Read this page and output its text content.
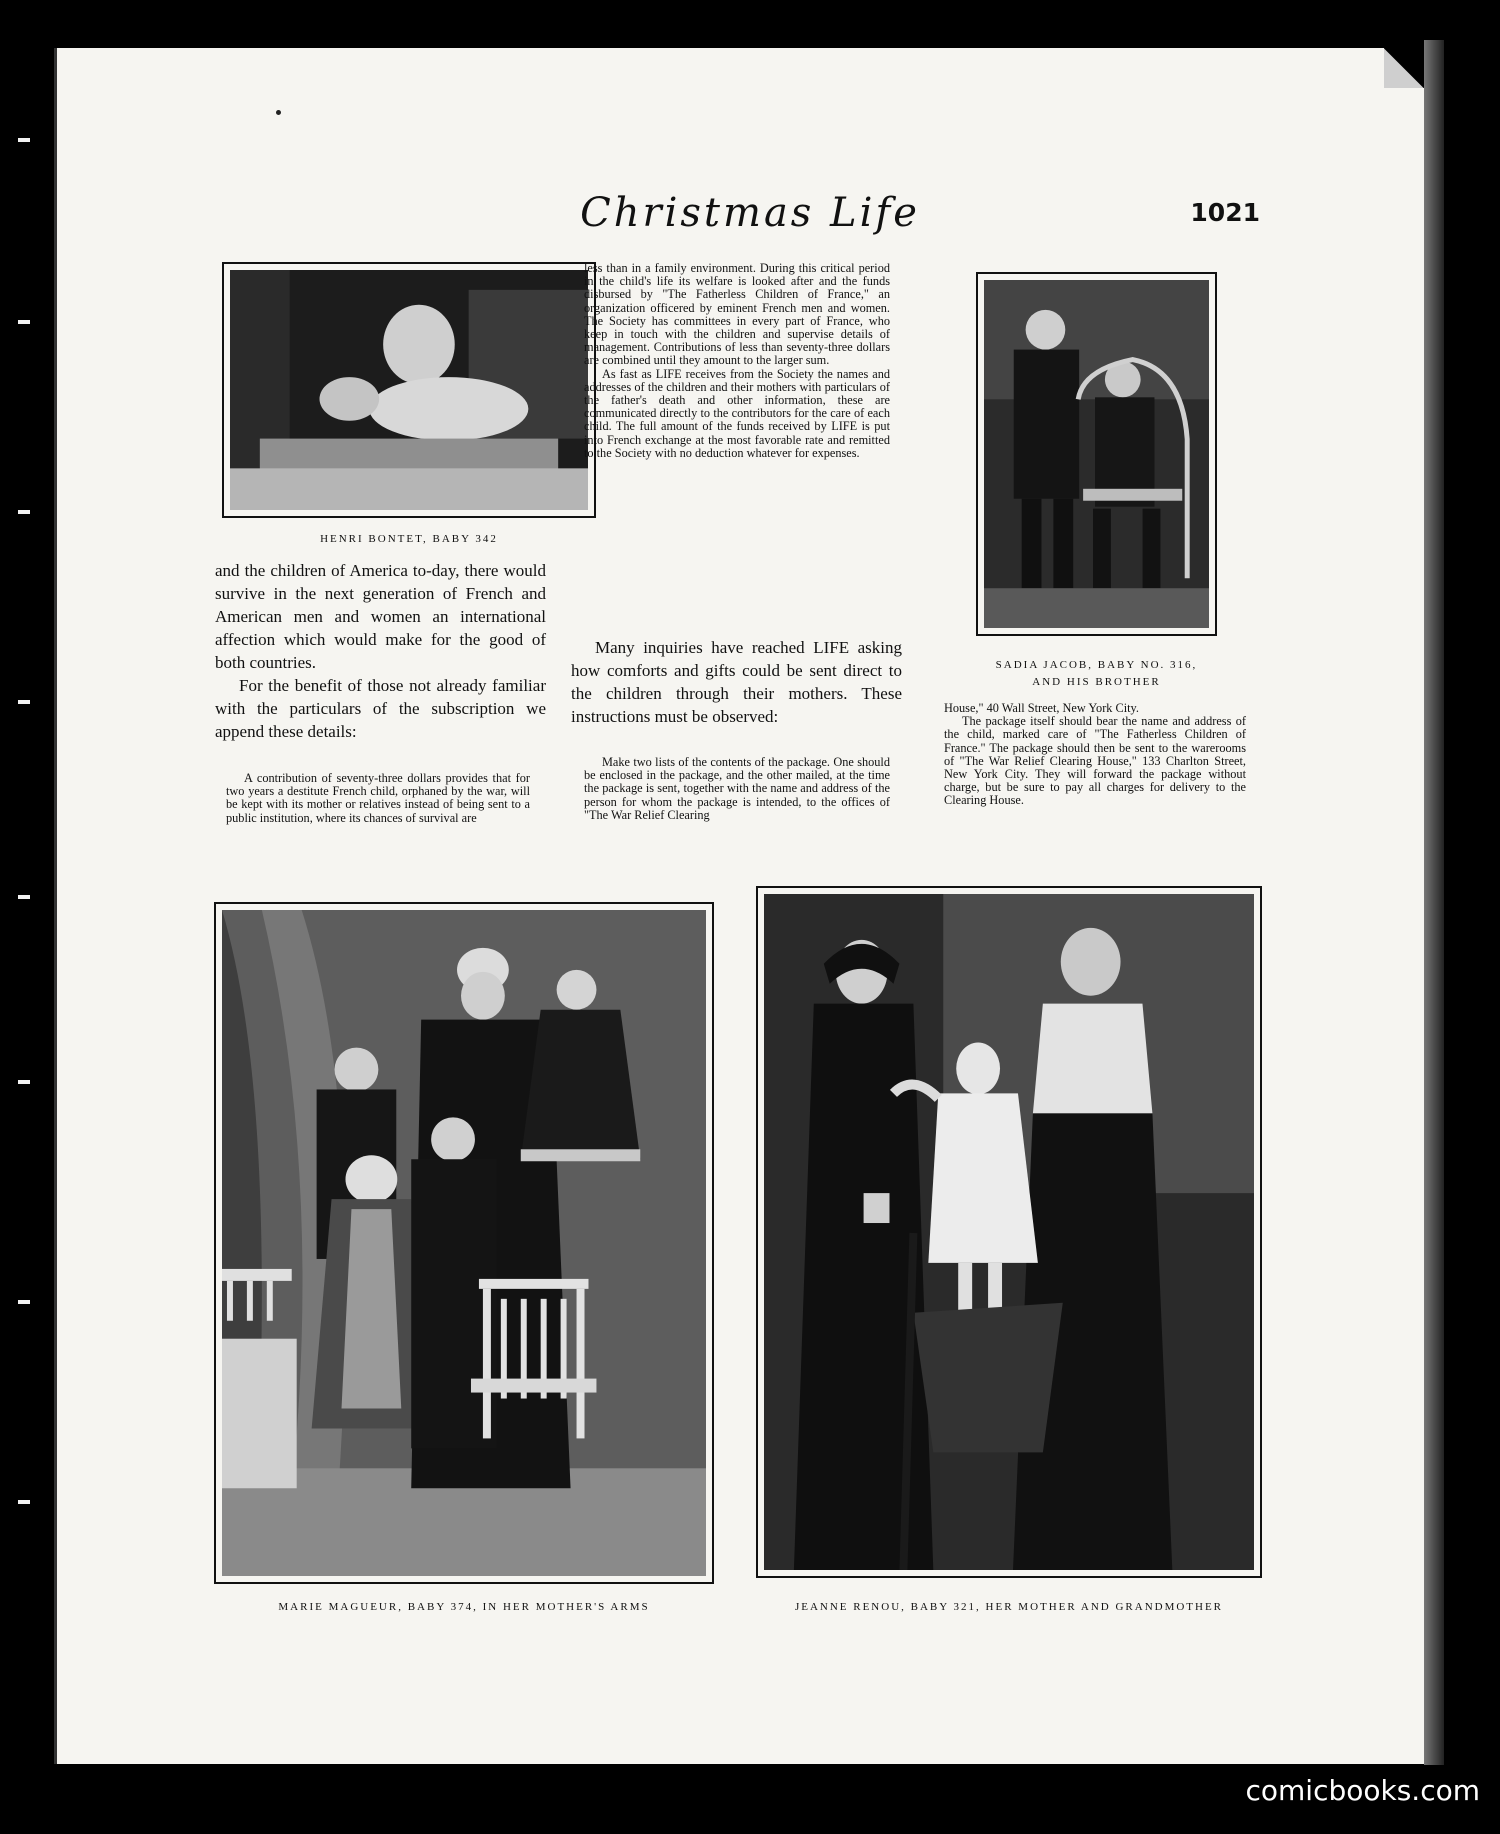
Christmas Life	1021
HENRI BONTET, BABY 342
SADIA JACOB, BABY NO. 316,
AND HIS BROTHER

and the children of America to-day, there would survive in the next generation of French and American men and women an international affection which would make for the good of both countries.

For the benefit of those not already familiar with the particulars of the subscription we append these details:

A contribution of seventy-three dollars provides that for two years a destitute French child, orphaned by the war, will be kept with its mother or relatives instead of being sent to a public institution, where its chances of survival are

less than in a family environment. During this critical period in the child's life its welfare is looked after and the funds disbursed by "The Fatherless Children of France," an organization officered by eminent French men and women. The Society has committees in every part of France, who keep in touch with the children and supervise details of management. Contributions of less than seventy-three dollars are combined until they amount to the larger sum.

As fast as LIFE receives from the Society the names and addresses of the children and their mothers with particulars of the father's death and other information, these are communicated directly to the contributors for the care of each child. The full amount of the funds received by LIFE is put into French exchange at the most favorable rate and remitted to the Society with no deduction whatever for expenses.

Many inquiries have reached LIFE asking how comforts and gifts could be sent direct to the children through their mothers. These instructions must be observed:

Make two lists of the contents of the package. One should be enclosed in the package, and the other mailed, at the time the package is sent, together with the name and address of the person for whom the package is intended, to the offices of "The War Relief Clearing

House," 40 Wall Street, New York City.

The package itself should bear the name and address of the child, marked care of "The Fatherless Children of France." The package should then be sent to the warerooms of "The War Relief Clearing House," 133 Charlton Street, New York City. They will forward the package without charge, but be sure to pay all charges for delivery to the Clearing House.

MARIE MAGUEUR, BABY 374, IN HER MOTHER'S ARMS	JEANNE RENOU, BABY 321, HER MOTHER AND GRANDMOTHER
comicbooks.com
